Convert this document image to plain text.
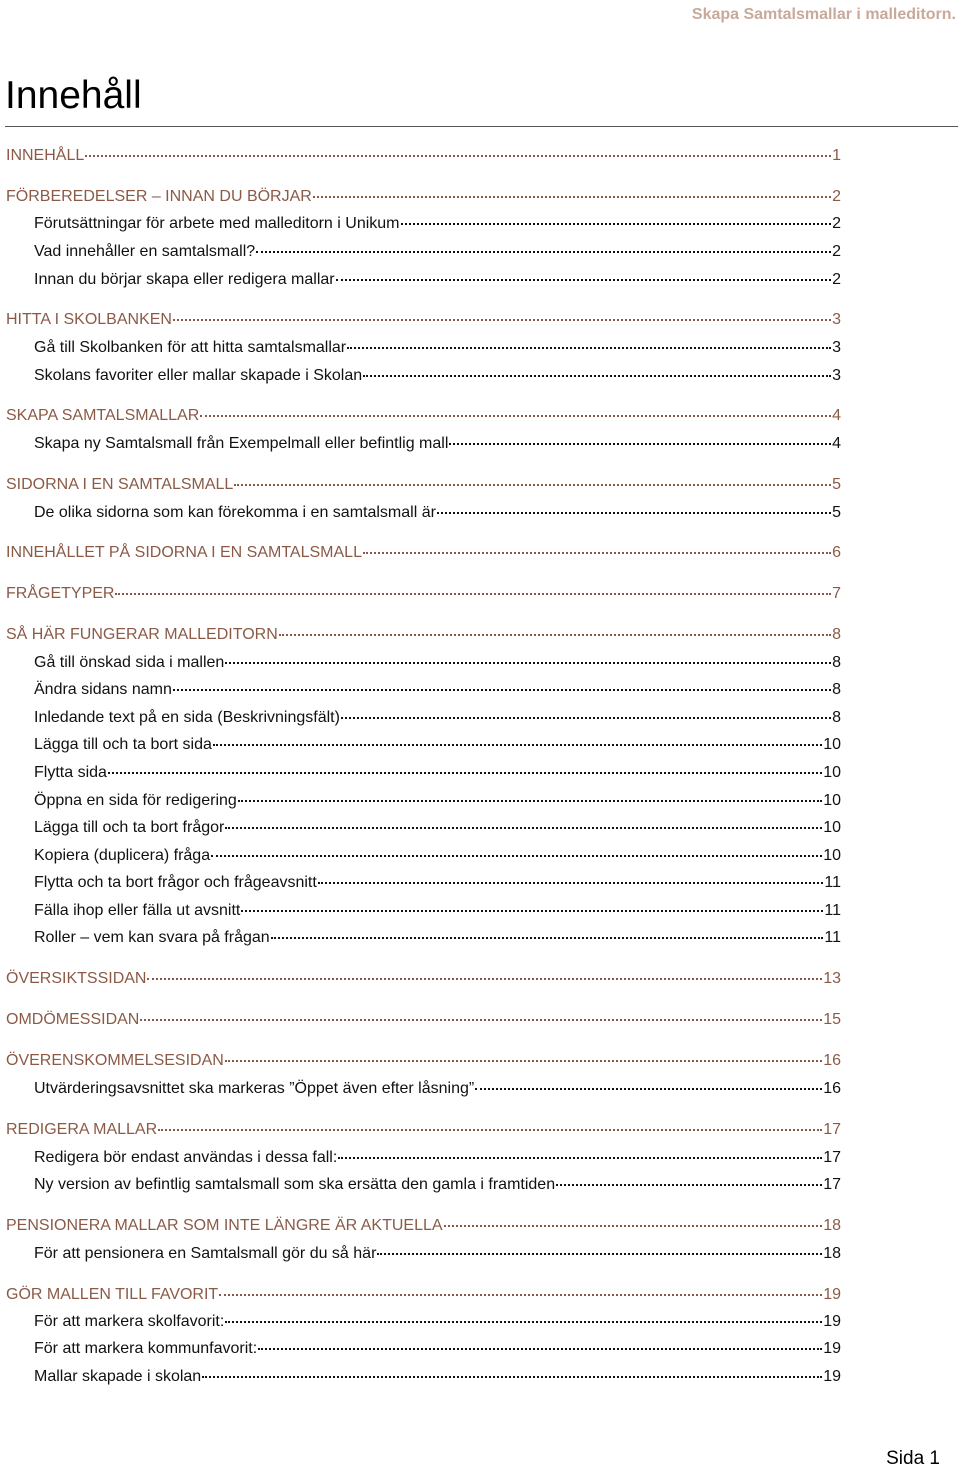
Skapa Samtalsmallar i malleditorn.
Innehåll
INNEHÅLL	1
FÖRBEREDELSER – INNAN DU BÖRJAR	2
Förutsättningar för arbete med malleditorn i Unikum	2
Vad innehåller en samtalsmall?	2
Innan du börjar skapa eller redigera mallar	2
HITTA I SKOLBANKEN	3
Gå till Skolbanken för att hitta samtalsmallar	3
Skolans favoriter eller mallar skapade i Skolan	3
SKAPA SAMTALSMALLAR	4
Skapa ny Samtalsmall från Exempelmall eller befintlig mall	4
SIDORNA I EN SAMTALSMALL	5
De olika sidorna som kan förekomma i en samtalsmall är	5
INNEHÅLLET PÅ SIDORNA I EN SAMTALSMALL	6
FRÅGETYPER	7
SÅ HÄR FUNGERAR MALLEDITORN	8
Gå till önskad sida i mallen	8
Ändra sidans namn	8
Inledande text på en sida (Beskrivningsfält)	8
Lägga till och ta bort sida	10
Flytta sida	10
Öppna en sida för redigering	10
Lägga till och ta bort frågor	10
Kopiera (duplicera) fråga	10
Flytta och ta bort frågor och frågeavsnitt	11
Fälla ihop eller fälla ut avsnitt	11
Roller – vem kan svara på frågan	11
ÖVERSIKTSSIDAN	13
OMDÖMESSIDAN	15
ÖVERENSKOMMELSESIDAN	16
Utvärderingsavsnittet ska markeras ”Öppet även efter låsning”	16
REDIGERA MALLAR	17
Redigera bör endast användas i dessa fall:	17
Ny version av befintlig samtalsmall som ska ersätta den gamla i framtiden	17
PENSIONERA MALLAR SOM INTE LÄNGRE ÄR AKTUELLA	18
För att pensionera en Samtalsmall gör du så här	18
GÖR MALLEN TILL FAVORIT	19
För att markera skolfavorit:	19
För att markera kommunfavorit:	19
Mallar skapade i skolan	19
Sida 1
